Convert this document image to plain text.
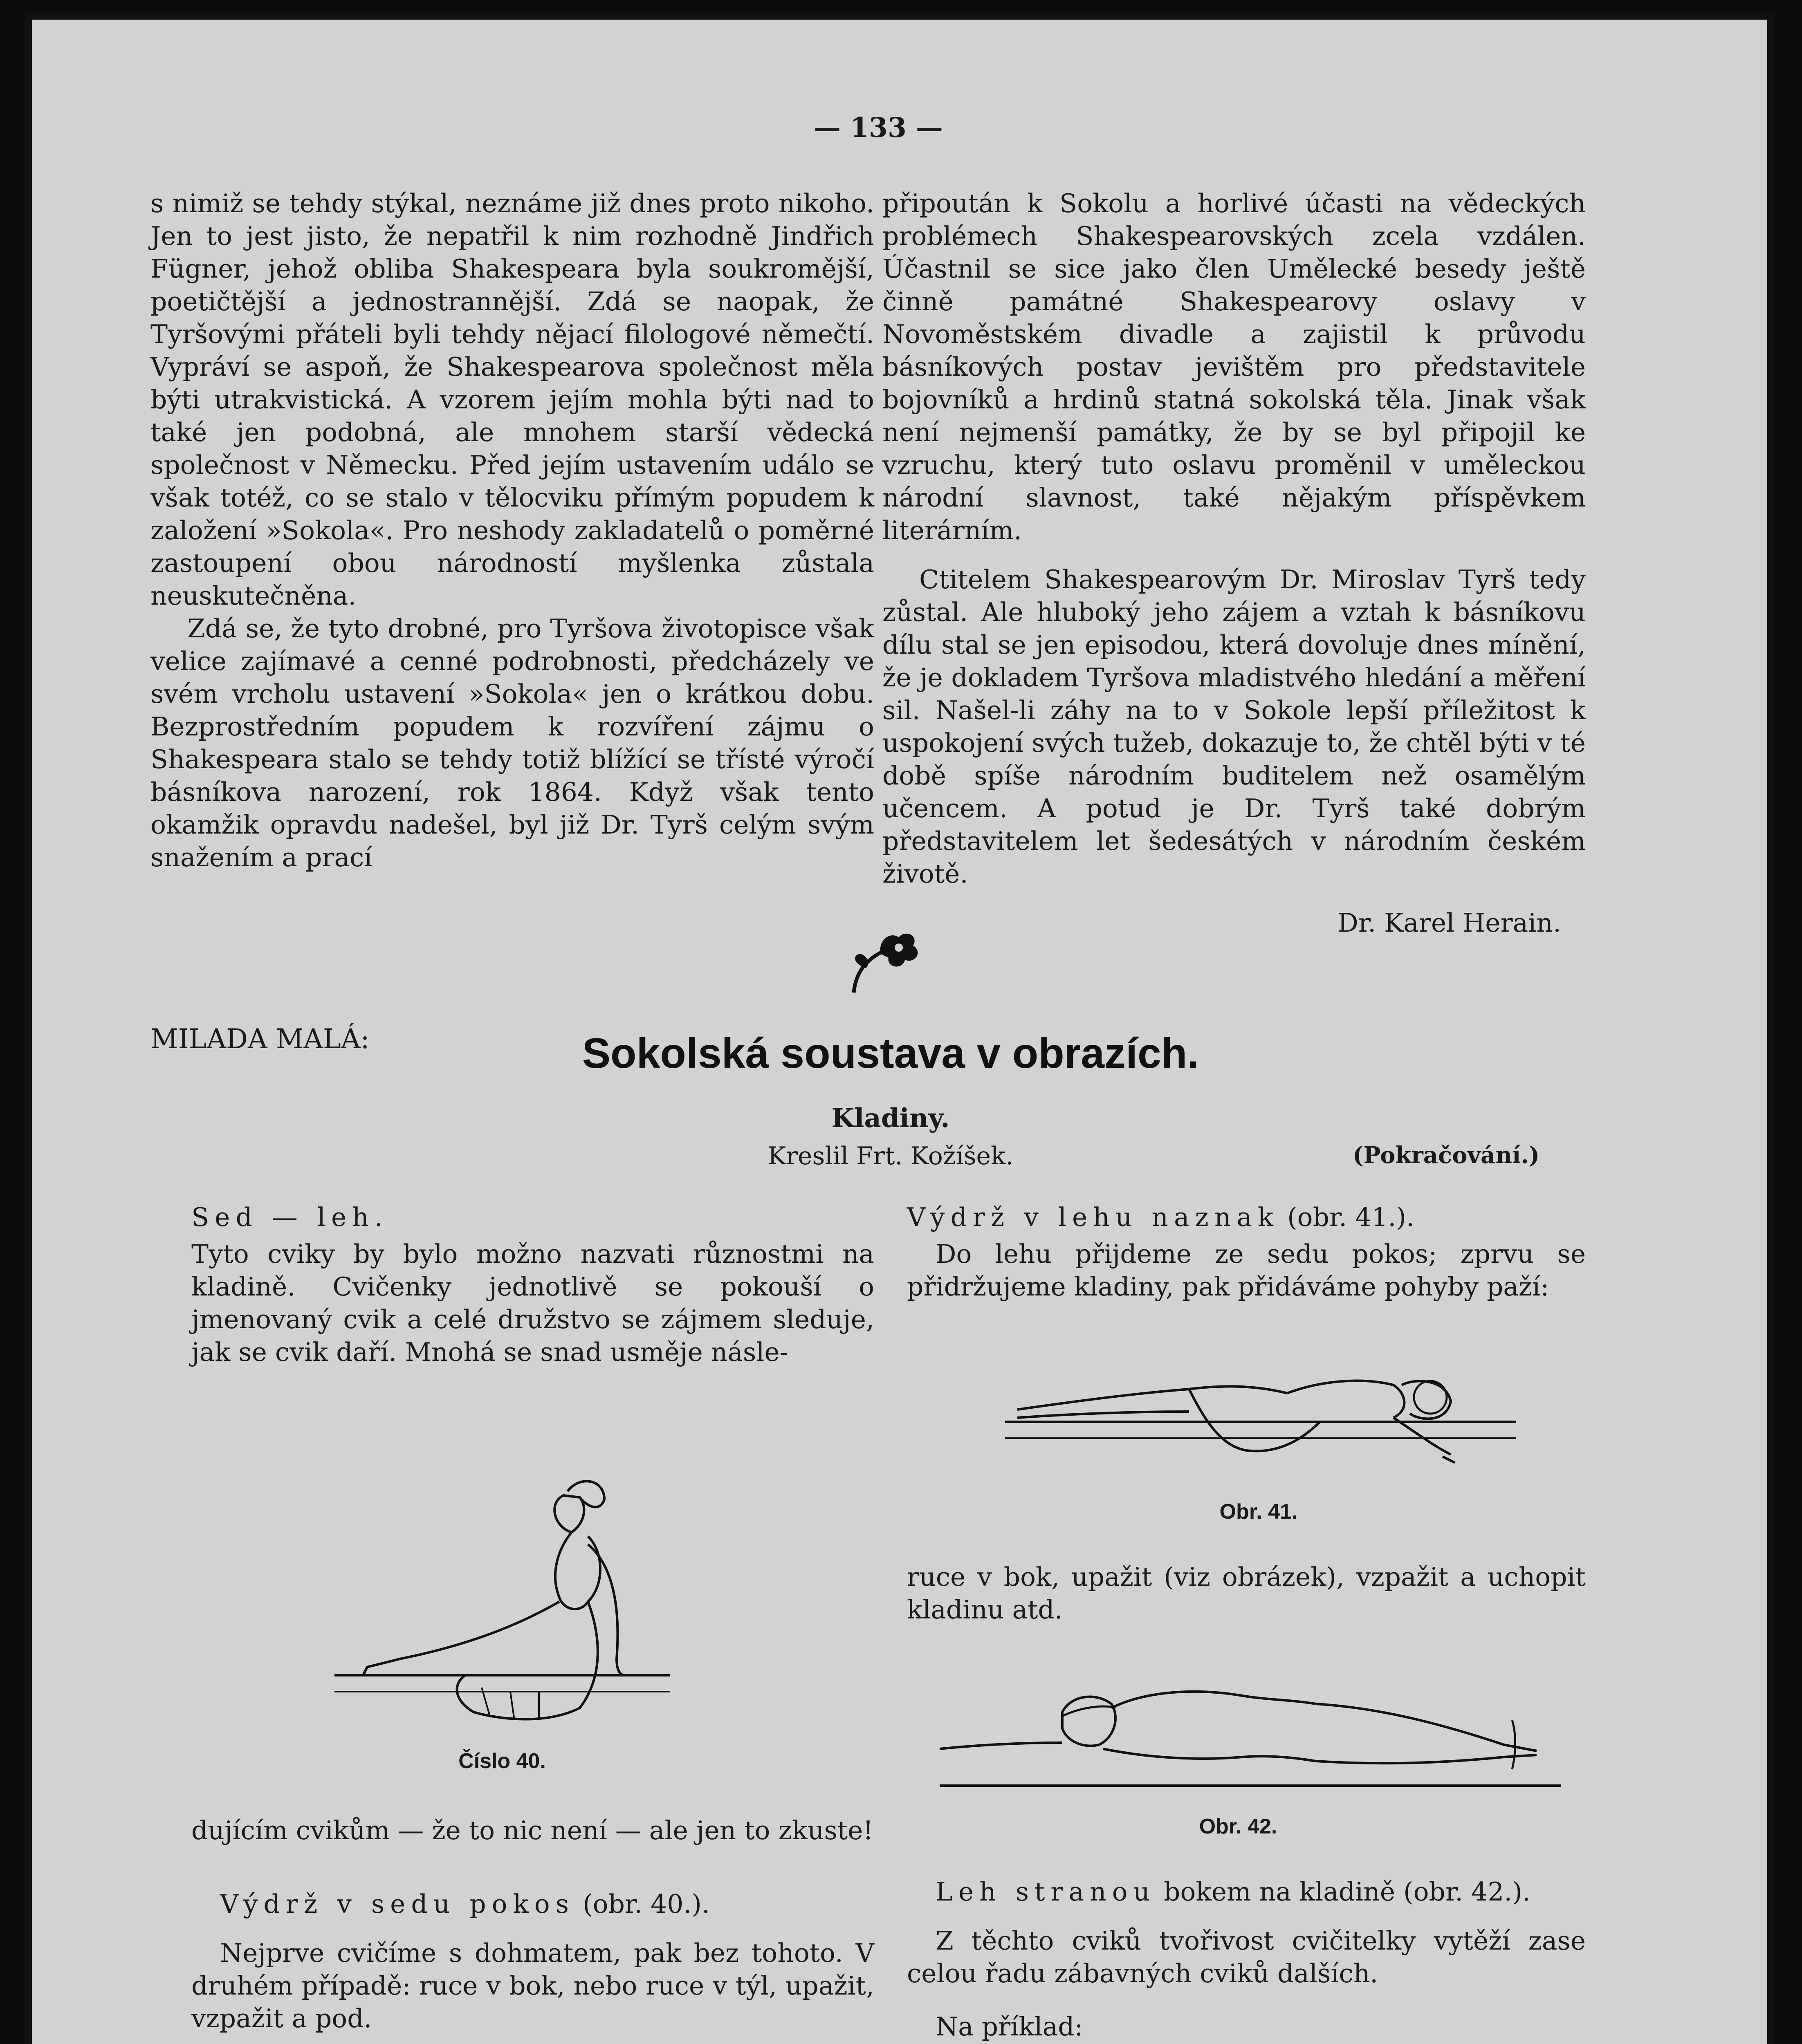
— 133 —

s nimiž se tehdy stýkal, neznáme již dnes proto nikoho. Jen to jest jisto, že nepatřil k nim rozhodně Jindřich Fügner, jehož obliba Shakespeara byla soukromější, poetičtější a jednostrannější. Zdá se naopak, že Tyršovými přáteli byli tehdy nějací filologové němečtí. Vypráví se aspoň, že Shakespearova společnost měla býti utrakvistická. A vzorem jejím mohla býti nad to také jen podobná, ale mnohem starší vědecká společnost v Německu. Před jejím ustavením událo se však totéž, co se stalo v tělocviku přímým popudem k založení »Sokola«. Pro neshody zakladatelů o poměrné zastoupení obou národností myšlenka zůstala neuskutečněna.

Zdá se, že tyto drobné, pro Tyršova životopisce však velice zajímavé a cenné podrobnosti, předcházely ve svém vrcholu ustavení »Sokola« jen o krátkou dobu. Bezprostředním popudem k rozvíření zájmu o Shakespeara stalo se tehdy totiž blížící se třísté výročí básníkova narození, rok 1864. Když však tento okamžik opravdu nadešel, byl již Dr. Tyrš celým svým snažením a prací

připoután k Sokolu a horlivé účasti na vědeckých problémech Shakespearovských zcela vzdálen. Účastnil se sice jako člen Umělecké besedy ještě činně památné Shakespearovy oslavy v Novoměstském divadle a zajistil k průvodu básníkových postav jevištěm pro představitele bojovníků a hrdinů statná sokolská těla. Jinak však není nejmenší památky, že by se byl připojil ke vzruchu, který tuto oslavu proměnil v uměleckou národní slavnost, také nějakým příspěvkem literárním.

Ctitelem Shakespearovým Dr. Miroslav Tyrš tedy zůstal. Ale hluboký jeho zájem a vztah k básníkovu dílu stal se jen episodou, která dovoluje dnes mínění, že je dokladem Tyršova mladistvého hledání a měření sil. Našel-li záhy na to v Sokole lepší příležitost k uspokojení svých tužeb, dokazuje to, že chtěl býti v té době spíše národním buditelem než osamělým učencem. A potud je Dr. Tyrš také dobrým představitelem let šedesátých v národním českém životě.

Dr. Karel Herain.

MILADA MALÁ:	Sokolská soustava v obrazích.
Kladiny.
Kreslil Frt. Kožíšek.	(Pokračování.)
Sed — leh.
Tyto cviky by bylo možno nazvati různostmi na kladině. Cvičenky jednotlivě se pokouší o jmenovaný cvik a celé družstvo se zájmem sleduje, jak se cvik daří. Mnohá se snad usměje násle-
Číslo 40.
dujícím cvikům — že to nic není — ale jen to zkuste!
Výdrž v sedu pokos (obr. 40.).
Nejprve cvičíme s dohmatem, pak bez tohoto. V druhém případě: ruce v bok, nebo ruce v týl, upažit, vzpažit a pod.
Výdrž v lehu naznak (obr. 41.).
Do lehu přijdeme ze sedu pokos; zprvu se přidržujeme kladiny, pak přidáváme pohyby paží:
Obr. 41.
ruce v bok, upažit (viz obrázek), vzpažit a uchopit kladinu atd.
Obr. 42.
Leh stranou bokem na kladině (obr. 42.).
Z těchto cviků tvořivost cvičitelky vytěží zase celou řadu zábavných cviků dalších.
Na příklad:
